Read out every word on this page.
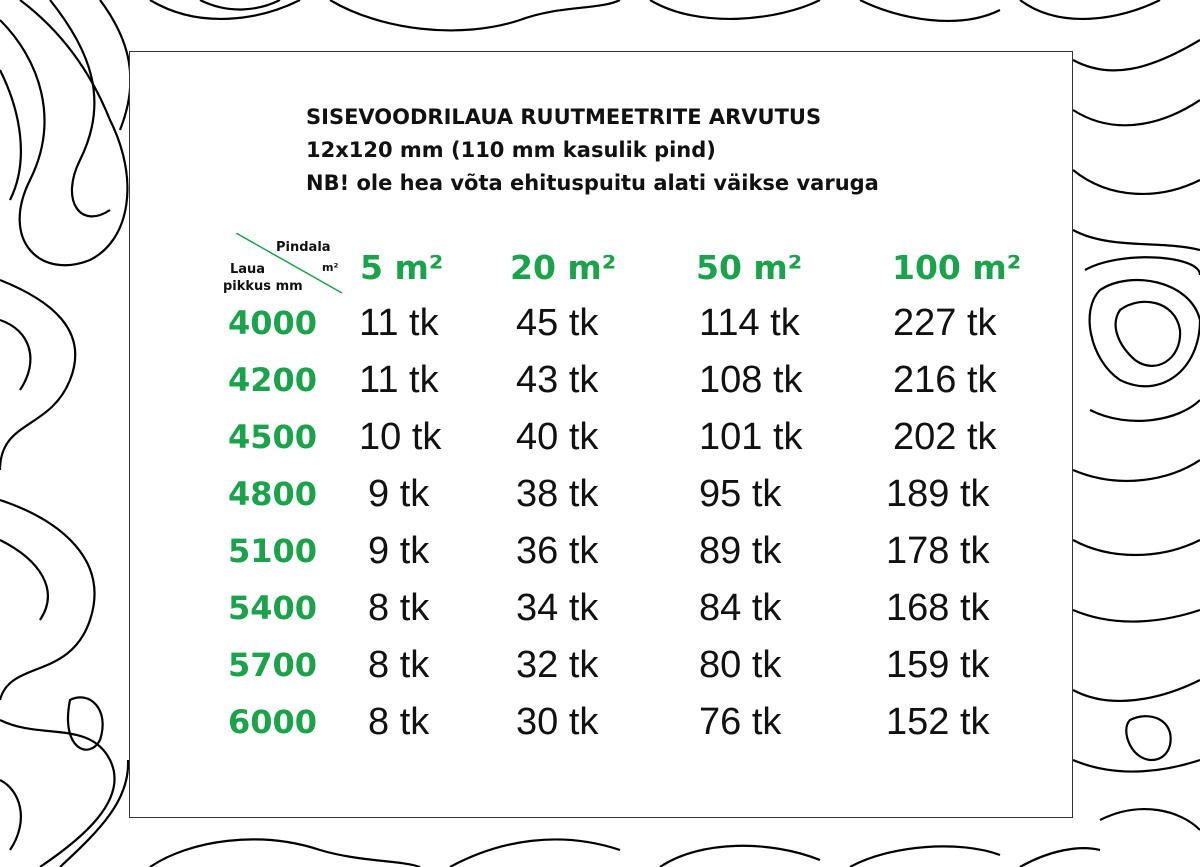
SISEVOODRILAUA RUUTMEETRITE ARVUTUS
12x120 mm (110 mm kasulik pind)
NB! ole hea võta ehituspuitu alati väikse varuga
Pindala
m²
Laua
pikkus mm 5 m² 20 m² 50 m²	100 m²
4000 11 tk 45 tk	114 tk 227 tk
4200 11 tk 43 tk	108 tk 216 tk
4500 10 tk 40 tk	101 tk 202 tk
4800 9 tk 38 tk	95 tk	189 tk
5100 9 tk 36 tk	89 tk	178 tk
5400 8 tk 34 tk	84 tk	168 tk
5700 8 tk 32 tk	80 tk	159 tk
6000 8 tk 30 tk	76 tk	152 tk
